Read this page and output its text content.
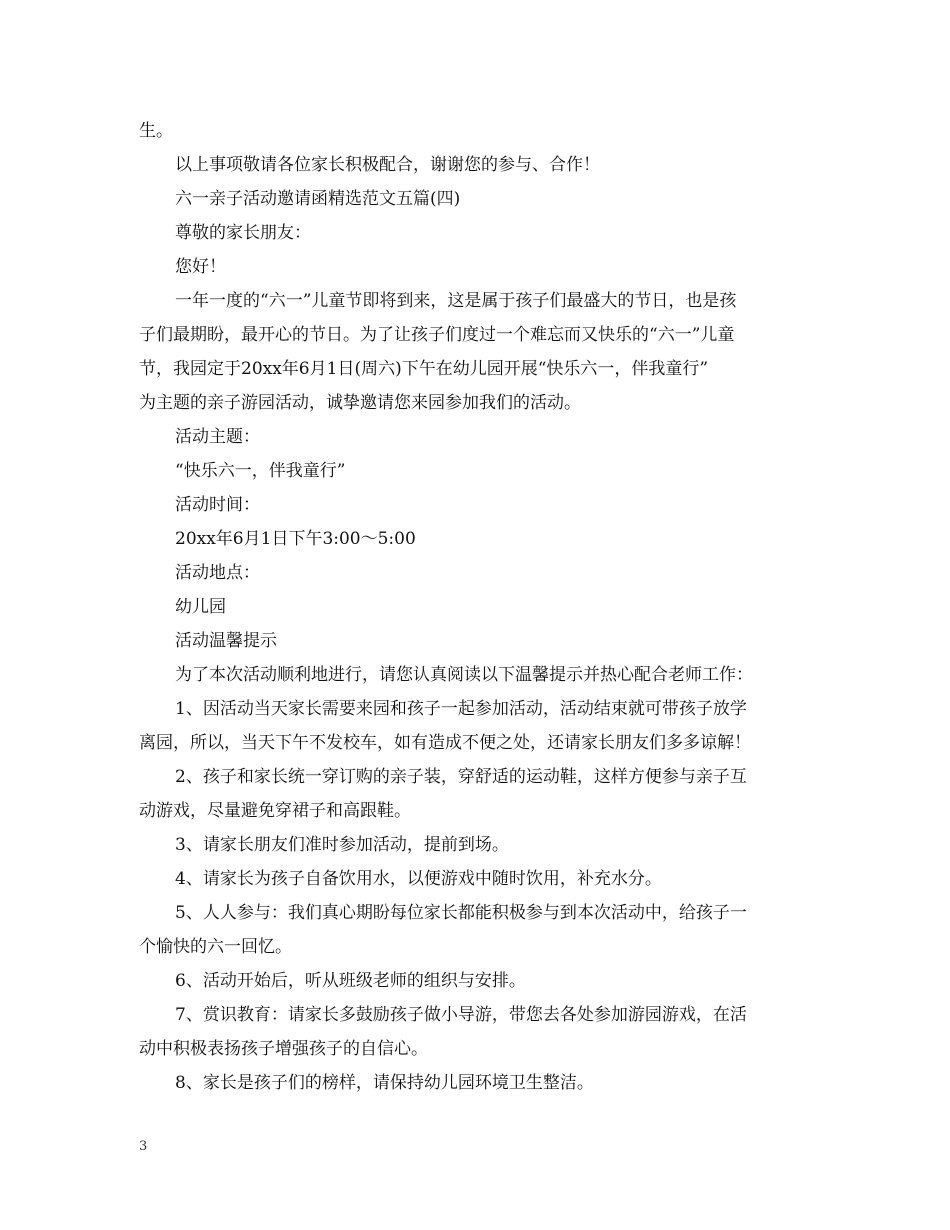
生。

以上事项敬请各位家长积极配合，谢谢您的参与、合作！

六一亲子活动邀请函精选范文五篇(四)

尊敬的家长朋友：

您好！

一年一度的“六一”儿童节即将到来，这是属于孩子们最盛大的节日，也是孩

子们最期盼，最开心的节日。为了让孩子们度过一个难忘而又快乐的“六一”儿童

节，我园定于20xx年6月1日(周六)下午在幼儿园开展“快乐六一，伴我童行”

为主题的亲子游园活动，诚挚邀请您来园参加我们的活动。

活动主题：

“快乐六一，伴我童行”

活动时间：

20xx年6月1日下午3:00～5:00

活动地点：

幼儿园

活动温馨提示

为了本次活动顺利地进行，请您认真阅读以下温馨提示并热心配合老师工作：

1、因活动当天家长需要来园和孩子一起参加活动，活动结束就可带孩子放学

离园，所以，当天下午不发校车，如有造成不便之处，还请家长朋友们多多谅解！

2、孩子和家长统一穿订购的亲子装，穿舒适的运动鞋，这样方便参与亲子互

动游戏，尽量避免穿裙子和高跟鞋。

3、请家长朋友们准时参加活动，提前到场。

4、请家长为孩子自备饮用水，以便游戏中随时饮用，补充水分。

5、人人参与：我们真心期盼每位家长都能积极参与到本次活动中，给孩子一

个愉快的六一回忆。

6、活动开始后，听从班级老师的组织与安排。

7、赏识教育：请家长多鼓励孩子做小导游，带您去各处参加游园游戏，在活

动中积极表扬孩子增强孩子的自信心。

8、家长是孩子们的榜样，请保持幼儿园环境卫生整洁。

3
